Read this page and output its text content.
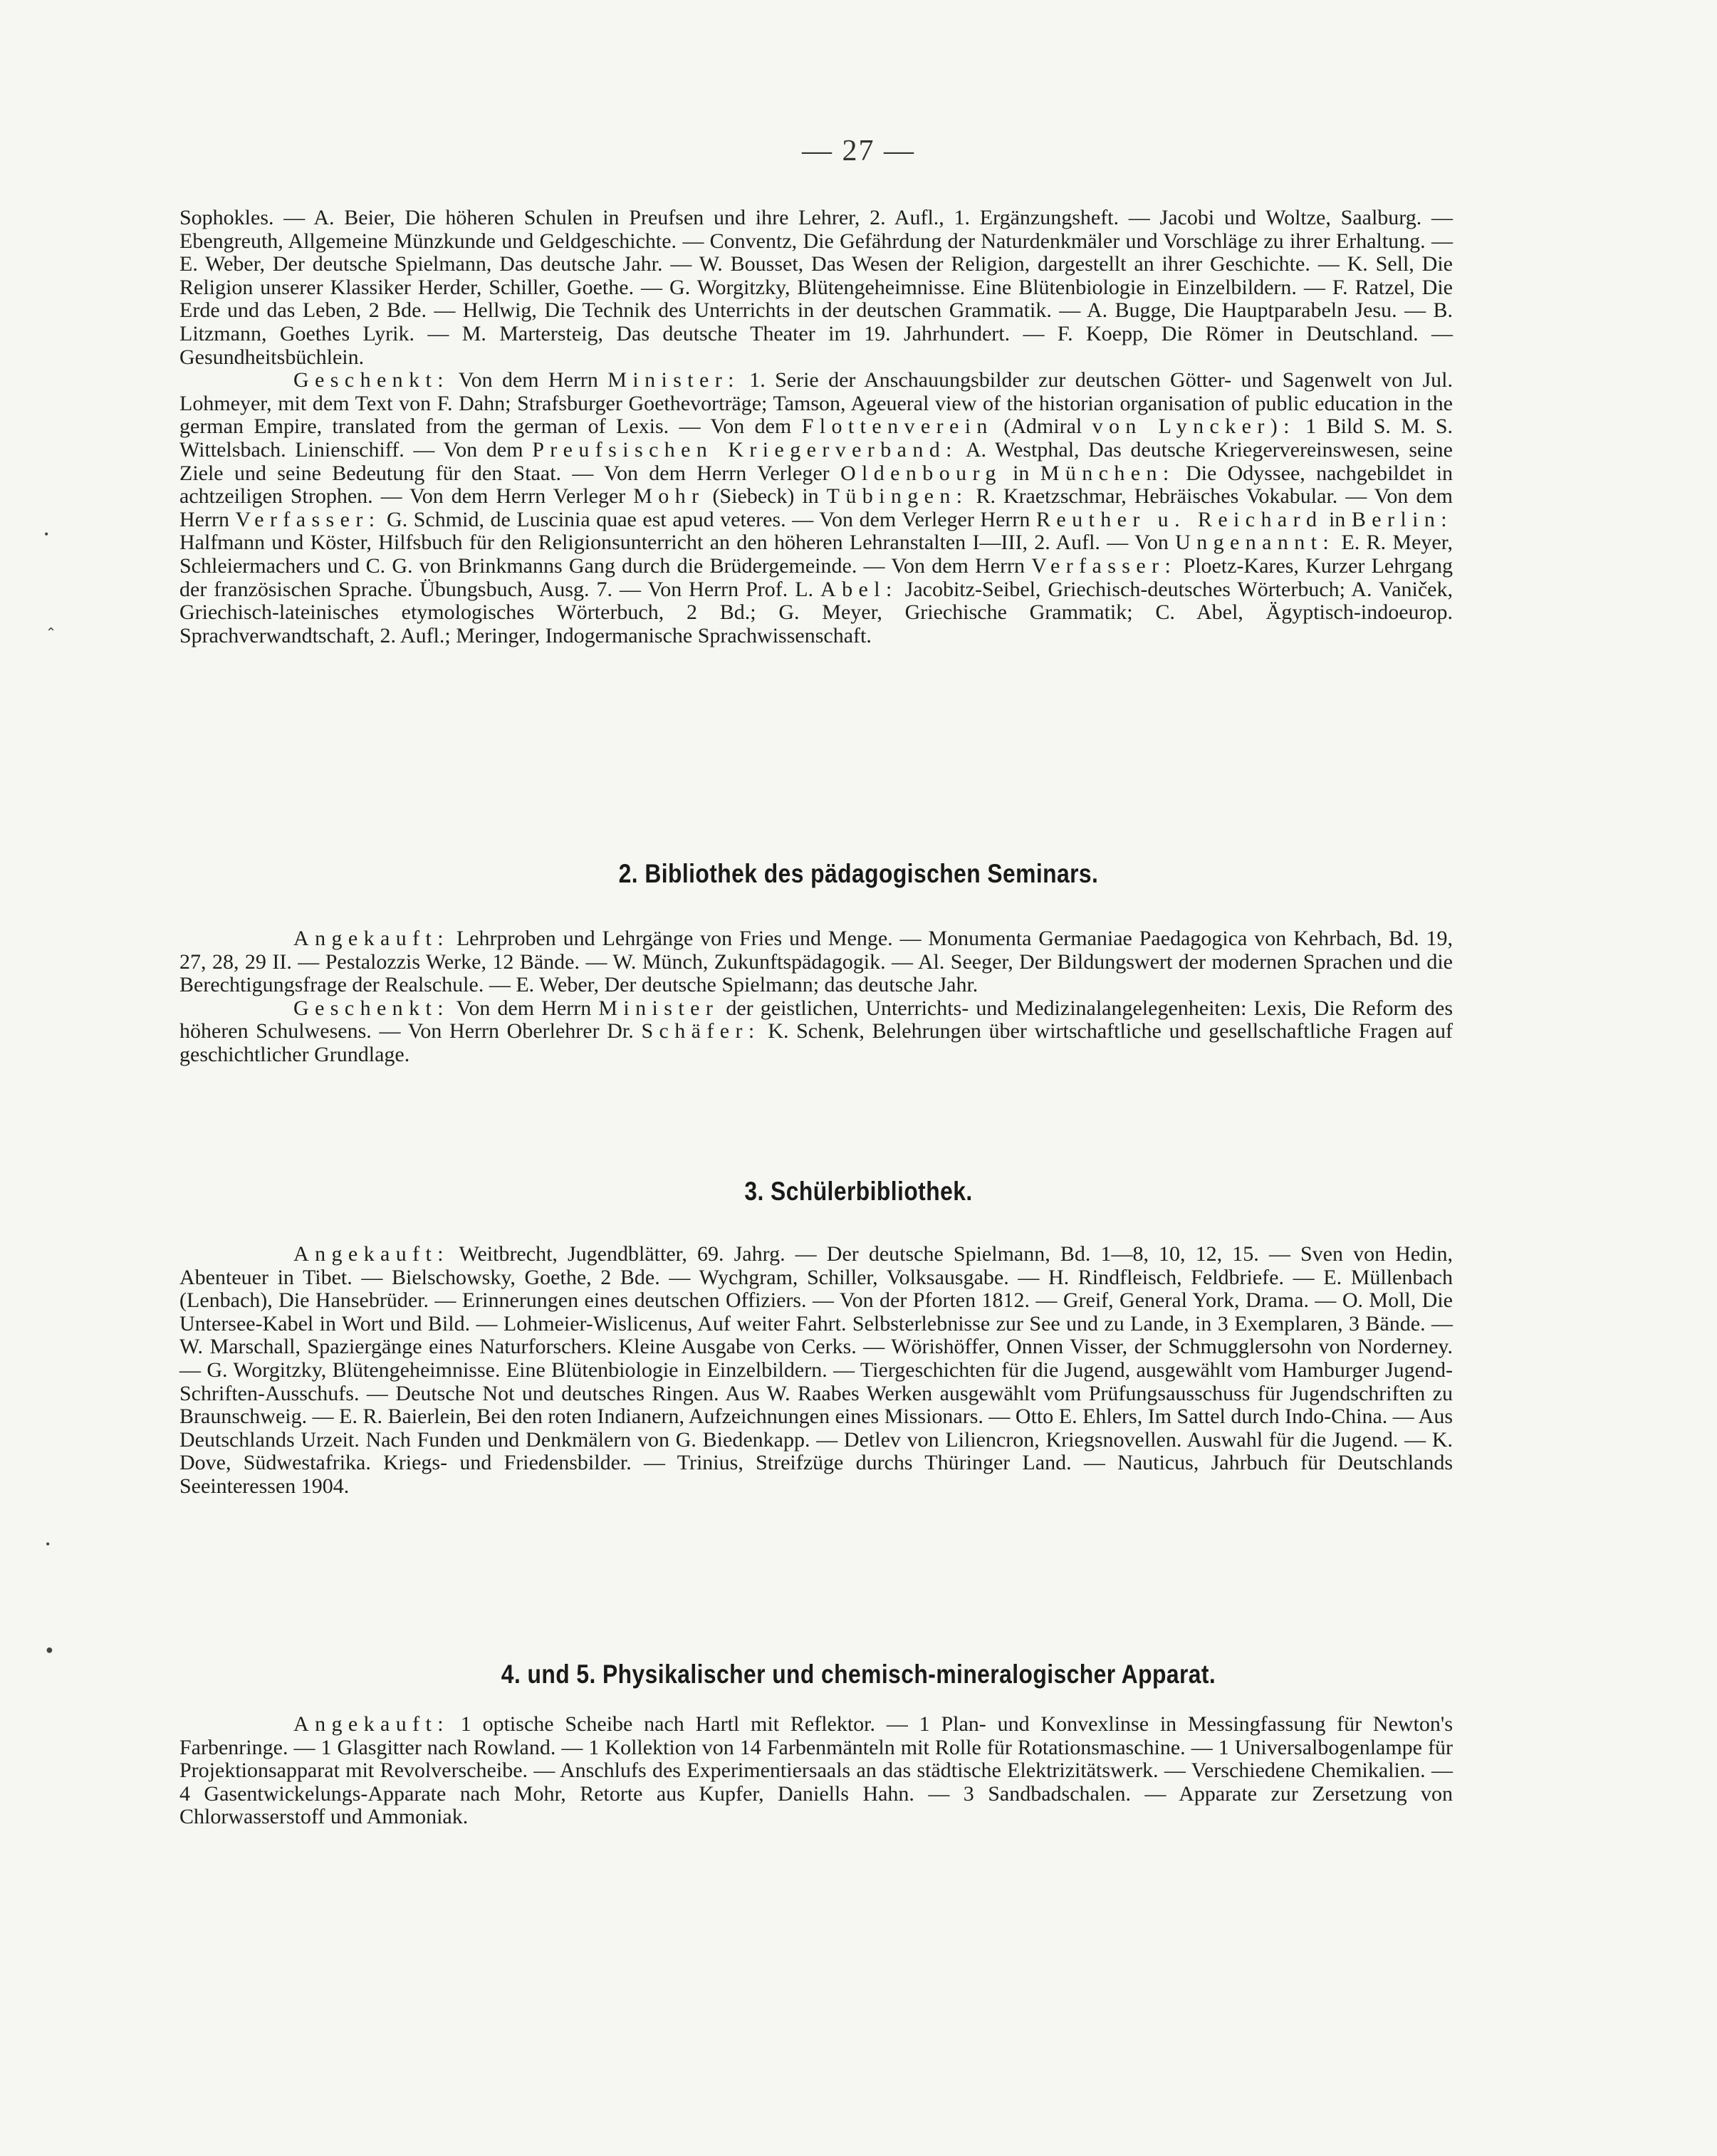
— 27 —
•
⌃
•
●

Sophokles. — A. Beier, Die höheren Schulen in Preufsen und ihre Lehrer, 2. Aufl., 1. Ergänzungsheft. — Jacobi und Woltze, Saalburg. — Ebengreuth, Allgemeine Münzkunde und Geldgeschichte. — Conventz, Die Gefährdung der Naturdenkmäler und Vorschläge zu ihrer Erhaltung. — E. Weber, Der deutsche Spielmann, Das deutsche Jahr. — W. Bousset, Das Wesen der Religion, dargestellt an ihrer Geschichte. — K. Sell, Die Religion unserer Klassiker Herder, Schiller, Goethe. — G. Worgitzky, Blütengeheimnisse. Eine Blütenbiologie in Einzelbildern. — F. Ratzel, Die Erde und das Leben, 2 Bde. — Hellwig, Die Technik des Unterrichts in der deutschen Grammatik. — A. Bugge, Die Hauptparabeln Jesu. — B. Litzmann, Goethes Lyrik. — M. Martersteig, Das deutsche Theater im 19. Jahrhundert. — F. Koepp, Die Römer in Deutschland. — Gesundheitsbüchlein.

Geschenkt: Von dem Herrn Minister: 1. Serie der Anschauungsbilder zur deutschen Götter- und Sagenwelt von Jul. Lohmeyer, mit dem Text von F. Dahn; Strafsburger Goethevorträge; Tamson, Ageueral view of the historian organisation of public education in the german Empire, translated from the german of Lexis. — Von dem Flottenverein (Admiral von Lyncker): 1 Bild S. M. S. Wittelsbach. Linienschiff. — Von dem Preufsischen Kriegerverband: A. Westphal, Das deutsche Kriegervereinswesen, seine Ziele und seine Bedeutung für den Staat. — Von dem Herrn Verleger Oldenbourg in München: Die Odyssee, nachgebildet in achtzeiligen Strophen. — Von dem Herrn Verleger Mohr (Siebeck) in Tübingen: R. Kraetzschmar, Hebräisches Vokabular. — Von dem Herrn Verfasser: G. Schmid, de Luscinia quae est apud veteres. — Von dem Verleger Herrn Reuther u. Reichard in Berlin: Halfmann und Köster, Hilfsbuch für den Religionsunterricht an den höheren Lehranstalten I—III, 2. Aufl. — Von Ungenannt: E. R. Meyer, Schleiermachers und C. G. von Brinkmanns Gang durch die Brüdergemeinde. — Von dem Herrn Verfasser: Ploetz-Kares, Kurzer Lehrgang der französischen Sprache. Übungsbuch, Ausg. 7. — Von Herrn Prof. L. Abel: Jacobitz-Seibel, Griechisch-deutsches Wörterbuch; A. Vaniček, Griechisch-lateinisches etymologisches Wörterbuch, 2 Bd.; G. Meyer, Griechische Grammatik; C. Abel, Ägyptisch-indoeurop. Sprachverwandtschaft, 2. Aufl.; Meringer, Indogermanische Sprachwissenschaft.

2. Bibliothek des pädagogischen Seminars.

Angekauft: Lehrproben und Lehrgänge von Fries und Menge. — Monumenta Germaniae Paedagogica von Kehrbach, Bd. 19, 27, 28, 29 II. — Pestalozzis Werke, 12 Bände. — W. Münch, Zukunftspädagogik. — Al. Seeger, Der Bildungswert der modernen Sprachen und die Berechtigungsfrage der Realschule. — E. Weber, Der deutsche Spielmann; das deutsche Jahr.

Geschenkt: Von dem Herrn Minister der geistlichen, Unterrichts- und Medizinalangelegenheiten: Lexis, Die Reform des höheren Schulwesens. — Von Herrn Oberlehrer Dr. Schäfer: K. Schenk, Belehrungen über wirtschaftliche und gesellschaftliche Fragen auf geschichtlicher Grundlage.

3. Schülerbibliothek.

Angekauft: Weitbrecht, Jugendblätter, 69. Jahrg. — Der deutsche Spielmann, Bd. 1—8, 10, 12, 15. — Sven von Hedin, Abenteuer in Tibet. — Bielschowsky, Goethe, 2 Bde. — Wychgram, Schiller, Volksausgabe. — H. Rindfleisch, Feldbriefe. — E. Müllenbach (Lenbach), Die Hansebrüder. — Erinnerungen eines deutschen Offiziers. — Von der Pforten 1812. — Greif, General York, Drama. — O. Moll, Die Untersee-Kabel in Wort und Bild. — Lohmeier-Wislicenus, Auf weiter Fahrt. Selbsterlebnisse zur See und zu Lande, in 3 Exemplaren, 3 Bände. — W. Marschall, Spaziergänge eines Naturforschers. Kleine Ausgabe von Cerks. — Wörishöffer, Onnen Visser, der Schmugglersohn von Norderney. — G. Worgitzky, Blütengeheimnisse. Eine Blütenbiologie in Einzelbildern. — Tiergeschichten für die Jugend, ausgewählt vom Hamburger Jugend-Schriften-Ausschufs. — Deutsche Not und deutsches Ringen. Aus W. Raabes Werken ausgewählt vom Prüfungsausschuss für Jugendschriften zu Braunschweig. — E. R. Baierlein, Bei den roten Indianern, Aufzeichnungen eines Missionars. — Otto E. Ehlers, Im Sattel durch Indo-China. — Aus Deutschlands Urzeit. Nach Funden und Denkmälern von G. Biedenkapp. — Detlev von Liliencron, Kriegsnovellen. Auswahl für die Jugend. — K. Dove, Südwestafrika. Kriegs- und Friedensbilder. — Trinius, Streifzüge durchs Thüringer Land. — Nauticus, Jahrbuch für Deutschlands Seeinteressen 1904.

4. und 5. Physikalischer und chemisch-mineralogischer Apparat.

Angekauft: 1 optische Scheibe nach Hartl mit Reflektor. — 1 Plan- und Konvexlinse in Messingfassung für Newton's Farbenringe. — 1 Glasgitter nach Rowland. — 1 Kollektion von 14 Farbenmänteln mit Rolle für Rotationsmaschine. — 1 Universalbogenlampe für Projektionsapparat mit Revolverscheibe. — Anschlufs des Experimentiersaals an das städtische Elektrizitätswerk. — Verschiedene Chemikalien. — 4 Gasentwickelungs-Apparate nach Mohr, Retorte aus Kupfer, Daniells Hahn. — 3 Sandbadschalen. — Apparate zur Zersetzung von Chlorwasserstoff und Ammoniak.
